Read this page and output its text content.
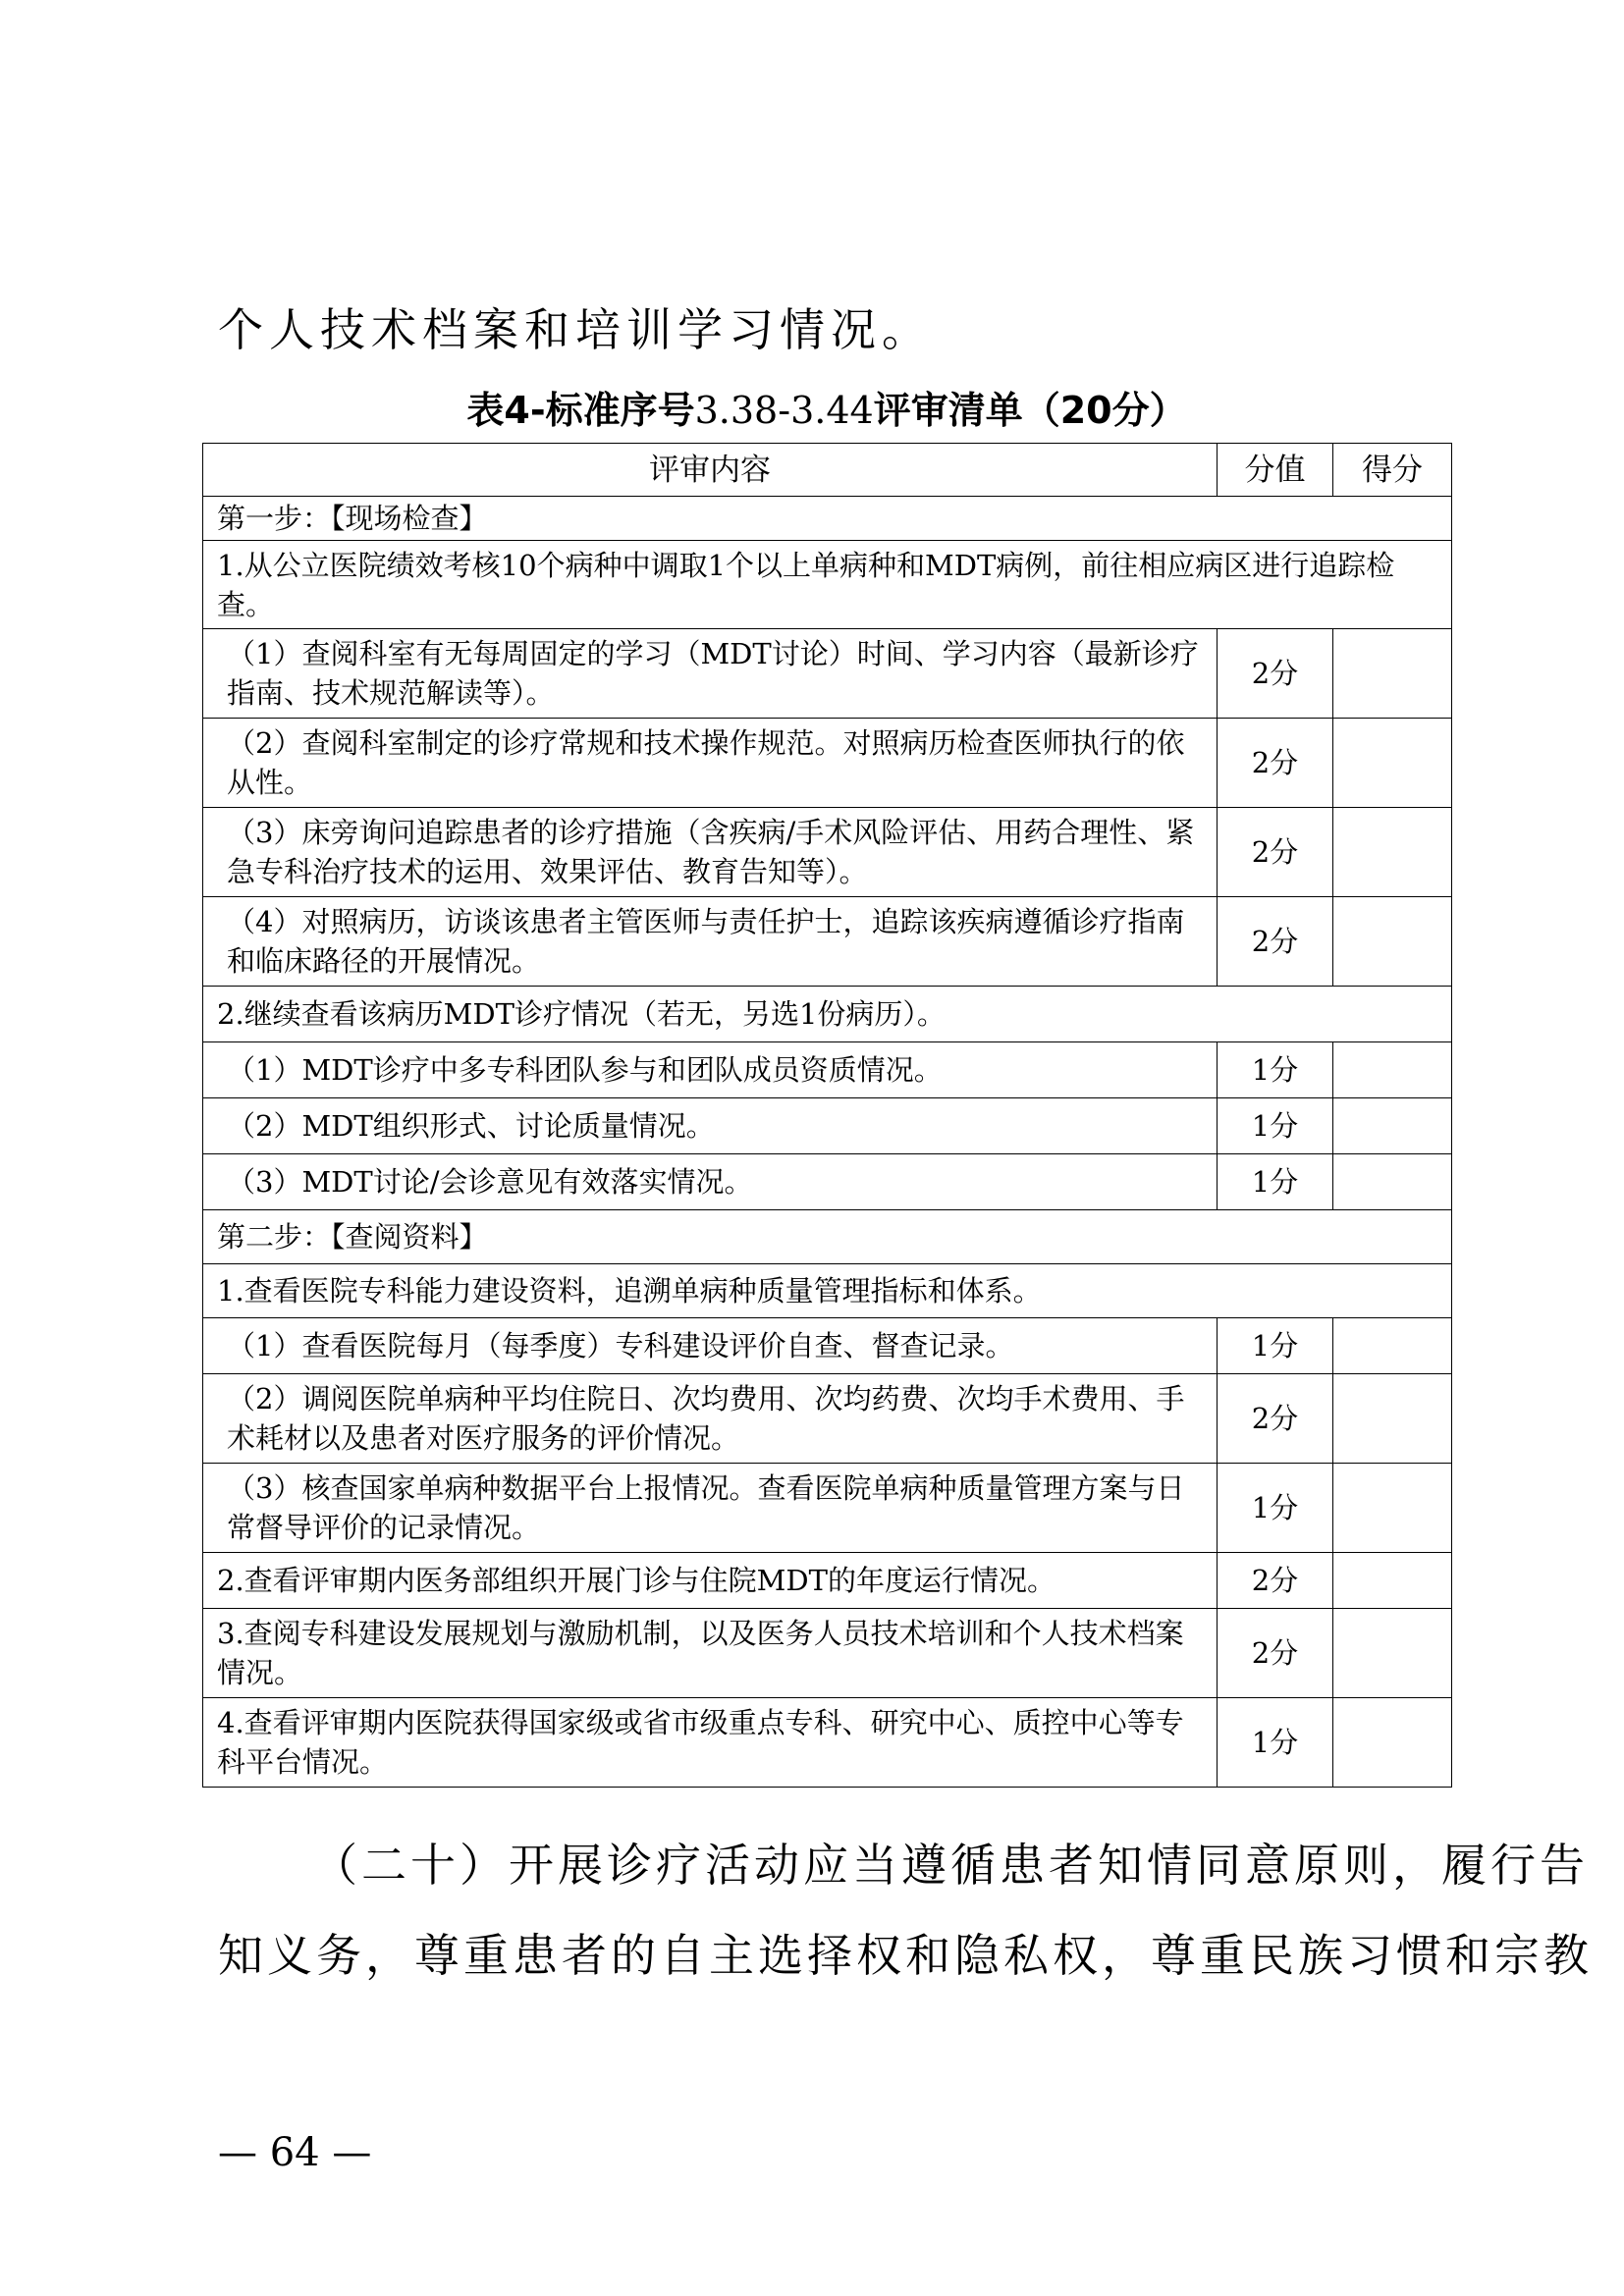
个人技术档案和培训学习情况。
表4-标准序号3.38-3.44评审清单（20分）
评审内容	分值	得分
第一步：【现场检查】		
1.从公立医院绩效考核10个病种中调取1个以上单病种和MDT病例，前往相应病区进行追踪检查。		
（1）查阅科室有无每周固定的学习（MDT讨论）时间、学习内容（最新诊疗指南、技术规范解读等）。	2分	
（2）查阅科室制定的诊疗常规和技术操作规范。对照病历检查医师执行的依从性。	2分	
（3）床旁询问追踪患者的诊疗措施（含疾病/手术风险评估、用药合理性、紧急专科治疗技术的运用、效果评估、教育告知等）。	2分	
（4）对照病历，访谈该患者主管医师与责任护士，追踪该疾病遵循诊疗指南和临床路径的开展情况。	2分	
2.继续查看该病历MDT诊疗情况（若无，另选1份病历）。		
（1）MDT诊疗中多专科团队参与和团队成员资质情况。	1分	
（2）MDT组织形式、讨论质量情况。	1分	
（3）MDT讨论/会诊意见有效落实情况。	1分	
第二步：【查阅资料】		
1.查看医院专科能力建设资料，追溯单病种质量管理指标和体系。		
（1）查看医院每月（每季度）专科建设评价自查、督查记录。	1分	
（2）调阅医院单病种平均住院日、次均费用、次均药费、次均手术费用、手术耗材以及患者对医疗服务的评价情况。	2分	
（3）核查国家单病种数据平台上报情况。查看医院单病种质量管理方案与日常督导评价的记录情况。	1分	
2.查看评审期内医务部组织开展门诊与住院MDT的年度运行情况。	2分	
3.查阅专科建设发展规划与激励机制，以及医务人员技术培训和个人技术档案情况。	2分	
4.查看评审期内医院获得国家级或省市级重点专科、研究中心、质控中心等专科平台情况。	1分	
（二十）开展诊疗活动应当遵循患者知情同意原则，履行告
知义务，尊重患者的自主选择权和隐私权，尊重民族习惯和宗教
— 64 —
